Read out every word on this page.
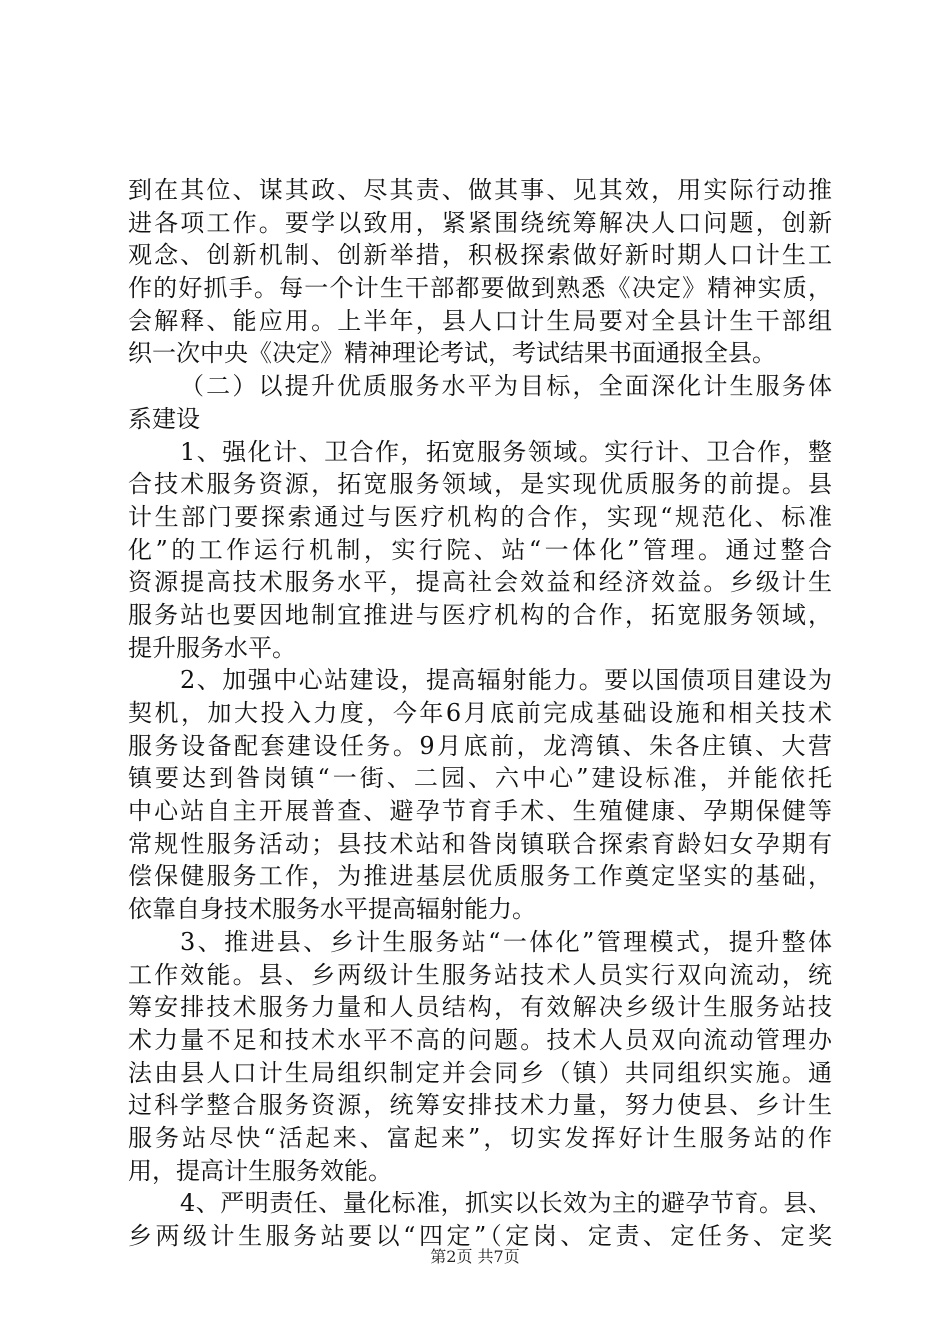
到在其位、谋其政、尽其责、做其事、见其效，用实际行动推
进各项工作。要学以致用，紧紧围绕统筹解决人口问题，创新
观念、创新机制、创新举措，积极探索做好新时期人口计生工
作的好抓手。每一个计生干部都要做到熟悉《决定》精神实质，
会解释、能应用。上半年，县人口计生局要对全县计生干部组
织一次中央《决定》精神理论考试，考试结果书面通报全县。
（二）以提升优质服务水平为目标，全面深化计生服务体
系建设
1、强化计、卫合作，拓宽服务领域。实行计、卫合作，整
合技术服务资源，拓宽服务领域，是实现优质服务的前提。县
计生部门要探索通过与医疗机构的合作，实现“规范化、标准
化”的工作运行机制，实行院、站“一体化”管理。通过整合
资源提高技术服务水平，提高社会效益和经济效益。乡级计生
服务站也要因地制宜推进与医疗机构的合作，拓宽服务领域，
提升服务水平。
2、加强中心站建设，提高辐射能力。要以国债项目建设为
契机，加大投入力度，今年6月底前完成基础设施和相关技术
服务设备配套建设任务。9月底前，龙湾镇、朱各庄镇、大营
镇要达到昝岗镇“一街、二园、六中心”建设标准，并能依托
中心站自主开展普查、避孕节育手术、生殖健康、孕期保健等
常规性服务活动；县技术站和昝岗镇联合探索育龄妇女孕期有
偿保健服务工作，为推进基层优质服务工作奠定坚实的基础，
依靠自身技术服务水平提高辐射能力。
3、推进县、乡计生服务站“一体化”管理模式，提升整体
工作效能。县、乡两级计生服务站技术人员实行双向流动，统
筹安排技术服务力量和人员结构，有效解决乡级计生服务站技
术力量不足和技术水平不高的问题。技术人员双向流动管理办
法由县人口计生局组织制定并会同乡（镇）共同组织实施。通
过科学整合服务资源，统筹安排技术力量，努力使县、乡计生
服务站尽快“活起来、富起来”，切实发挥好计生服务站的作
用，提高计生服务效能。
4、严明责任、量化标准，抓实以长效为主的避孕节育。县、
乡两级计生服务站要以“四定”（定岗、定责、定任务、定奖
第2页 共7页
